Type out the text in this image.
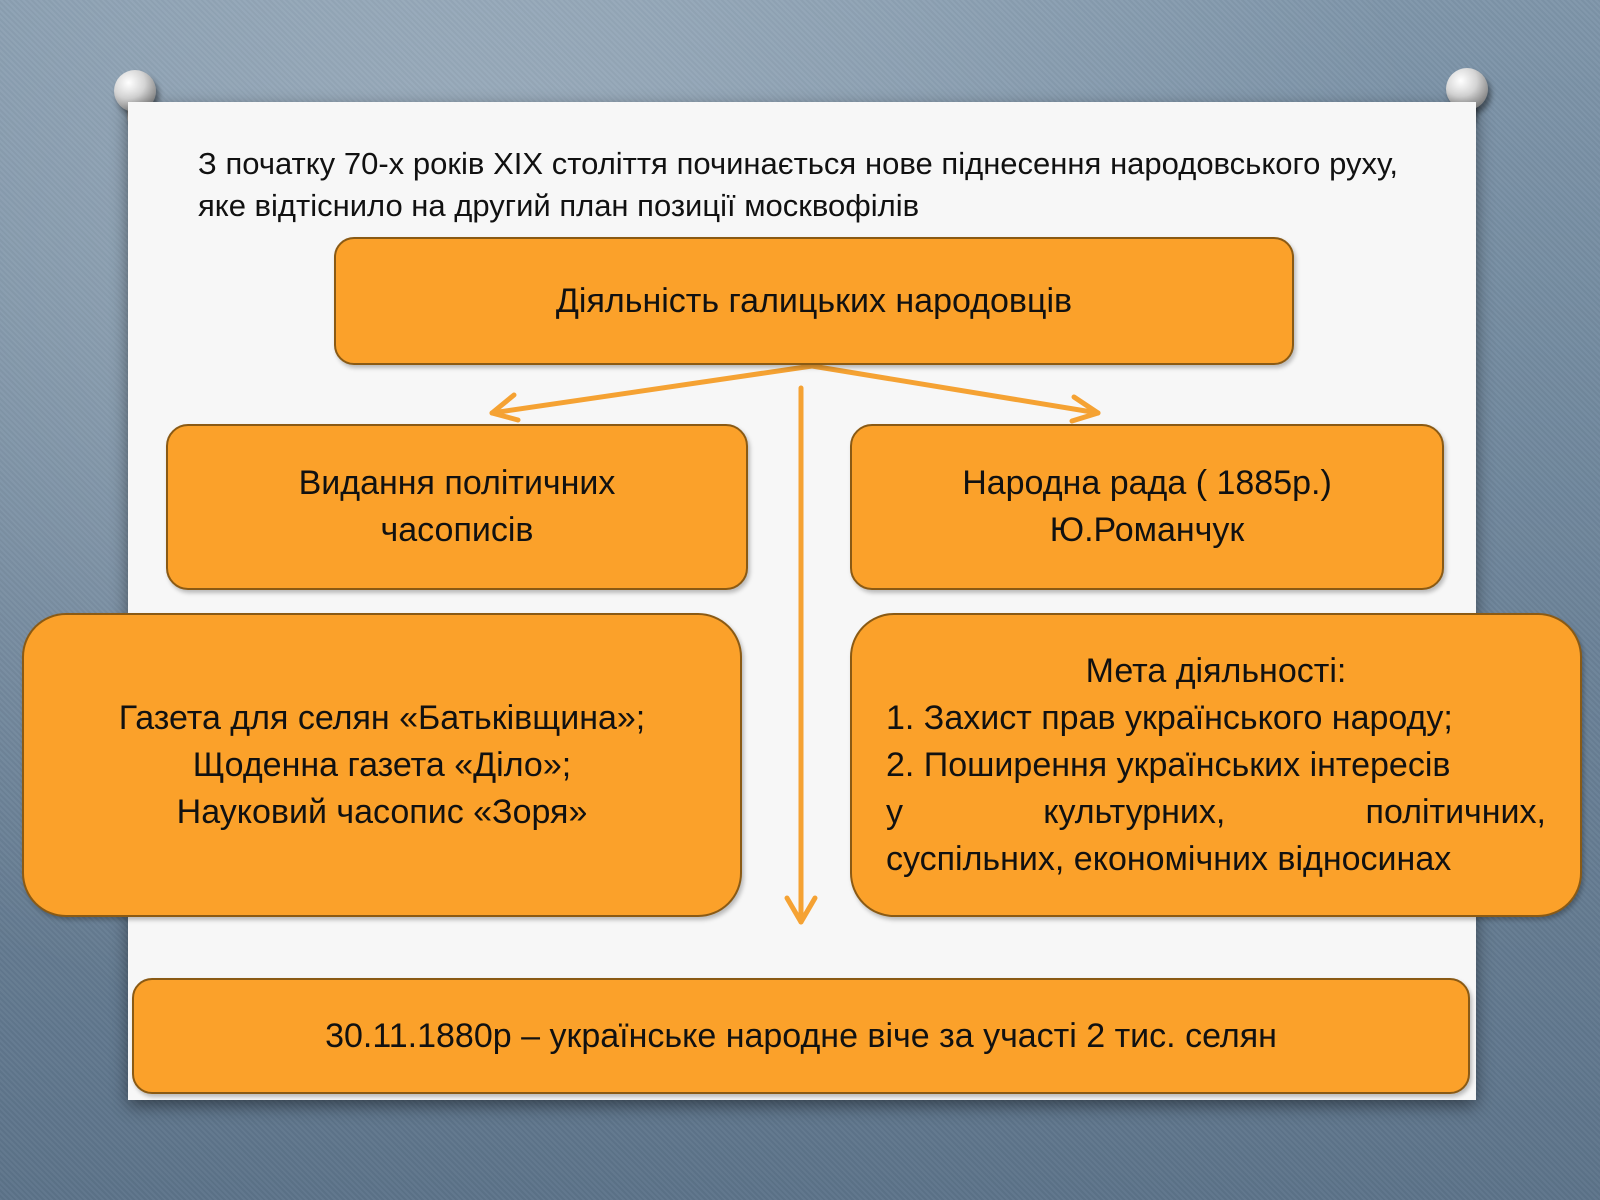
З початку 70-х років XIX століття починається нове піднесення народовського руху, яке відтіснило на другий план позиції москвофілів
Діяльність галицьких народовців
Видання політичних
часописів
Народна рада ( 1885р.)
Ю.Романчук
Газета для селян «Батьківщина»;
Щоденна газета «Діло»;
Науковий часопис «Зоря»
Мета діяльності:
1. Захист прав українського народу;
2. Поширення українських інтересів
у культурних, політичних,
суспільних, економічних відносинах
30.11.1880р – українське народне віче за участі 2 тис. селян
